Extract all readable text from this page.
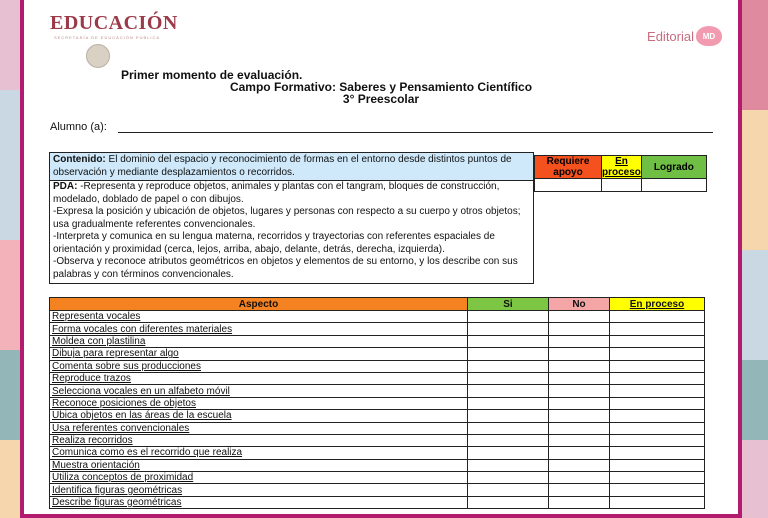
EDUCACIÓN
SECRETARÍA DE EDUCACIÓN PÚBLICA	Editorial	MD
Primer momento de evaluación.
Campo Formativo: Saberes y Pensamiento Científico
3° Preescolar
Alumno (a):
Contenido: El dominio del espacio y reconocimiento de formas en el entorno desde distintos puntos de observación y mediante desplazamientos o recorridos.

PDA: -Representa y reproduce objetos, animales y plantas con el tangram, bloques de construcción, modelado, doblado de papel o con dibujos.

-Expresa la posición y ubicación de objetos, lugares y personas con respecto a su cuerpo y otros objetos; usa gradualmente referentes convencionales.

-Interpreta y comunica en su lengua materna, recorridos y trayectorias con referentes espaciales de orientación y proximidad (cerca, lejos, arriba, abajo, delante, detrás, derecha, izquierda).

-Observa y reconoce atributos geométricos en objetos y elementos de su entorno, y los describe con sus palabras y con términos convencionales.

Requiere apoyo	En proceso	Logrado

Aspecto	Si	No	En proceso
Representa vocales			
Forma vocales con diferentes materiales			
Moldea con plastilina			
Dibuja para representar algo			
Comenta sobre sus producciones			
Reproduce trazos			
Selecciona vocales en un alfabeto móvil			
Reconoce posiciones de objetos			
Ubica objetos en las áreas de la escuela			
Usa referentes convencionales			
Realiza recorridos			
Comunica como es el recorrido que realiza			
Muestra orientación			
Utiliza conceptos de proximidad			
Identifica figuras geométricas			
Describe figuras geométricas			
